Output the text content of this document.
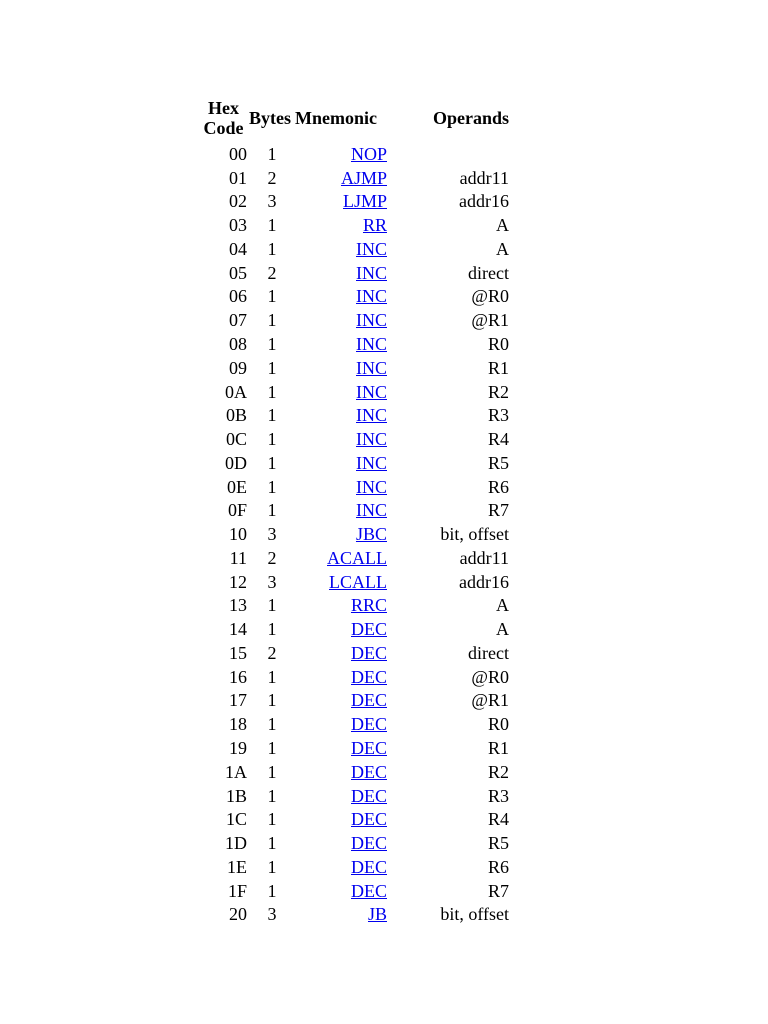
Hex Code	Bytes	Mnemonic	Operands
00	1	NOP	
01	2	AJMP	addr11
02	3	LJMP	addr16
03	1	RR	A
04	1	INC	A
05	2	INC	direct
06	1	INC	@R0
07	1	INC	@R1
08	1	INC	R0
09	1	INC	R1
0A	1	INC	R2
0B	1	INC	R3
0C	1	INC	R4
0D	1	INC	R5
0E	1	INC	R6
0F	1	INC	R7
10	3	JBC	bit, offset
11	2	ACALL	addr11
12	3	LCALL	addr16
13	1	RRC	A
14	1	DEC	A
15	2	DEC	direct
16	1	DEC	@R0
17	1	DEC	@R1
18	1	DEC	R0
19	1	DEC	R1
1A	1	DEC	R2
1B	1	DEC	R3
1C	1	DEC	R4
1D	1	DEC	R5
1E	1	DEC	R6
1F	1	DEC	R7
20	3	JB	bit, offset
